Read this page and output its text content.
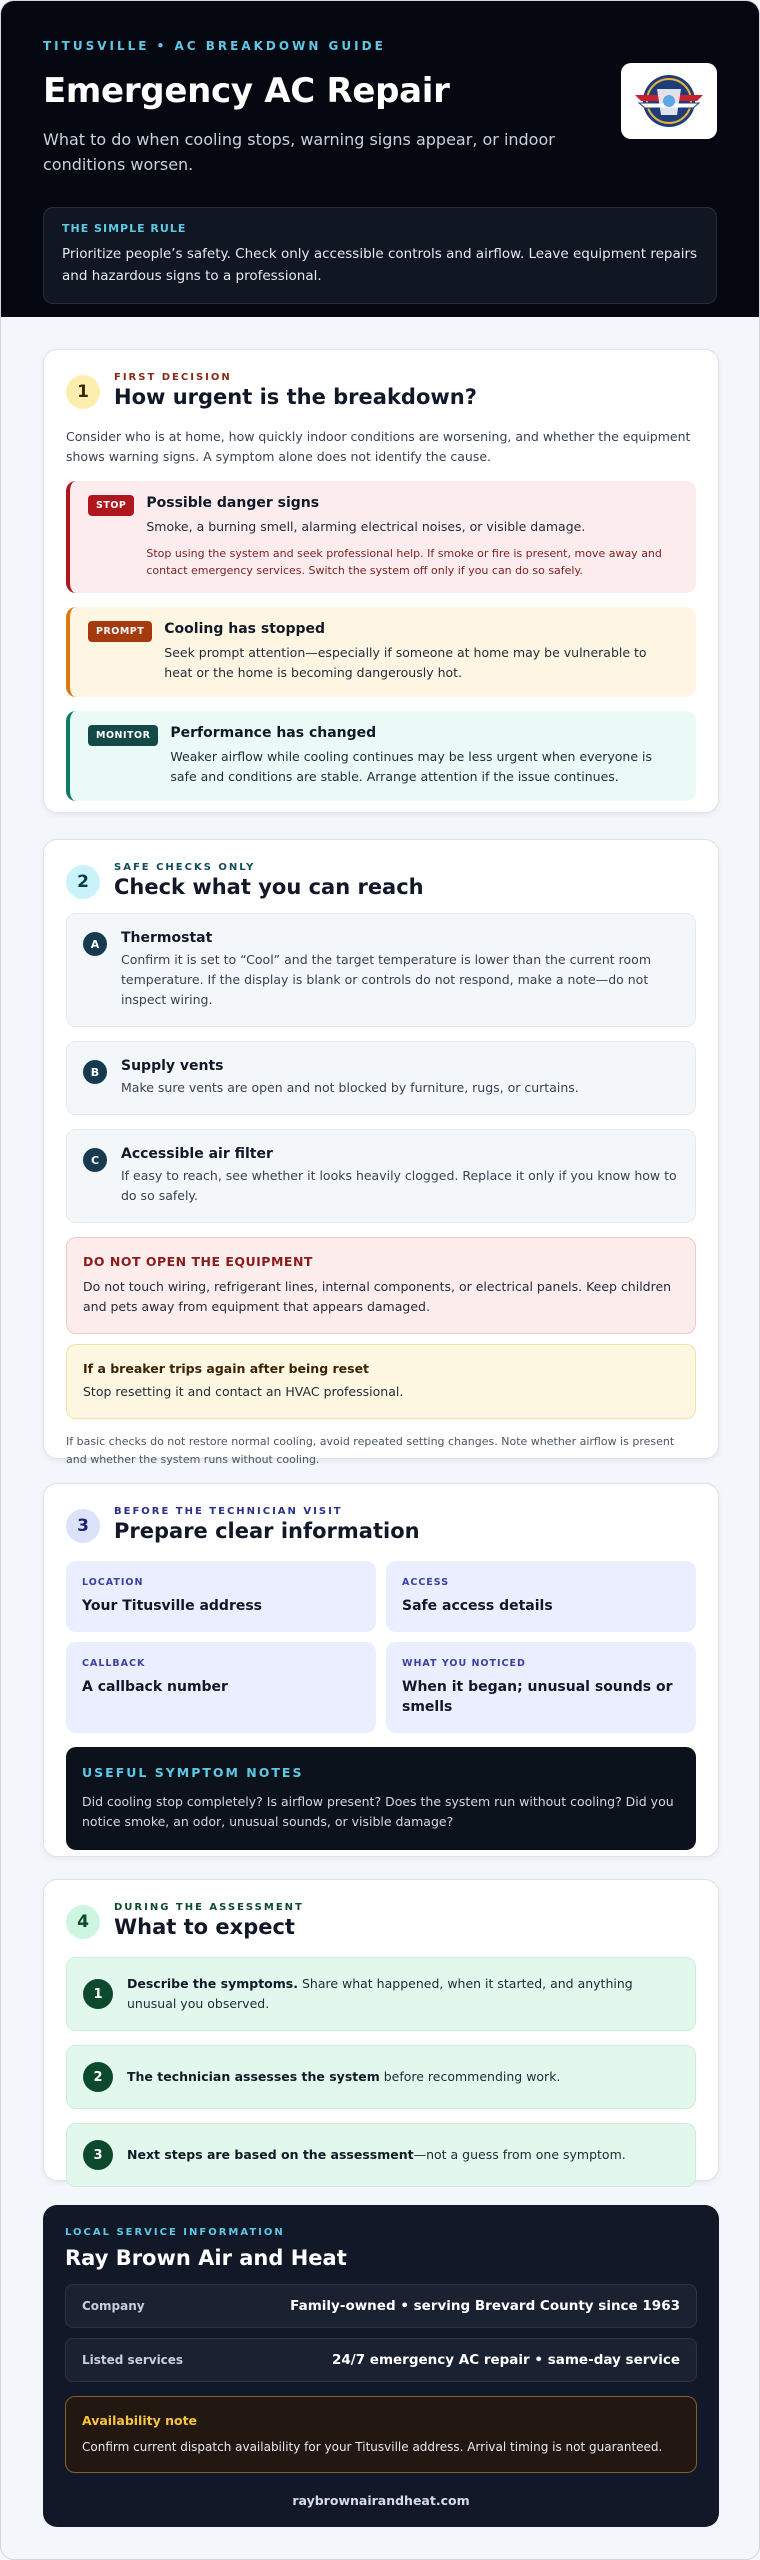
TITUSVILLE • AC BREAKDOWN GUIDE
Emergency AC Repair

What to do when cooling stops, warning signs appear, or indoor conditions worsen.

THE SIMPLE RULE
Prioritize people’s safety. Check only accessible controls and airflow. Leave equipment repairs and hazardous signs to a professional.
1
FIRST DECISION
How urgent is the breakdown?

Consider who is at home, how quickly indoor conditions are worsening, and whether the equipment shows warning signs. A symptom alone does not identify the cause.

STOP	Possible danger signs
Smoke, a burning smell, alarming electrical noises, or visible damage.
Stop using the system and seek professional help. If smoke or fire is present, move away and contact emergency services. Switch the system off only if you can do so safely.
PROMPT	Cooling has stopped
Seek prompt attention—especially if someone at home may be vulnerable to heat or the home is becoming dangerously hot.
MONITOR	Performance has changed
Weaker airflow while cooling continues may be less urgent when everyone is safe and conditions are stable. Arrange attention if the issue continues.
2
SAFE CHECKS ONLY
Check what you can reach
A	Thermostat
Confirm it is set to “Cool” and the target temperature is lower than the current room temperature. If the display is blank or controls do not respond, make a note—do not inspect wiring.
B	Supply vents
Make sure vents are open and not blocked by furniture, rugs, or curtains.
C	Accessible air filter
If easy to reach, see whether it looks heavily clogged. Replace it only if you know how to do so safely.
DO NOT OPEN THE EQUIPMENT
Do not touch wiring, refrigerant lines, internal components, or electrical panels. Keep children and pets away from equipment that appears damaged.
If a breaker trips again after being reset
Stop resetting it and contact an HVAC professional.

If basic checks do not restore normal cooling, avoid repeated setting changes. Note whether airflow is present and whether the system runs without cooling.

3
BEFORE THE TECHNICIAN VISIT
Prepare clear information
LOCATION
Your Titusville address
ACCESS
Safe access details
CALLBACK
A callback number
WHAT YOU NOTICED
When it began; unusual sounds or smells
USEFUL SYMPTOM NOTES
Did cooling stop completely? Is airflow present? Does the system run without cooling? Did you notice smoke, an odor, unusual sounds, or visible damage?
4
DURING THE ASSESSMENT
What to expect
1
Describe the symptoms. Share what happened, when it started, and anything unusual you observed.
2	The technician assesses the system before recommending work.
3	Next steps are based on the assessment—not a guess from one symptom.
LOCAL SERVICE INFORMATION
Ray Brown Air and Heat
Company	Family-owned • serving Brevard County since 1963
Listed services	24/7 emergency AC repair • same-day service
Availability note
Confirm current dispatch availability for your Titusville address. Arrival timing is not guaranteed.
raybrownairandheat.com
